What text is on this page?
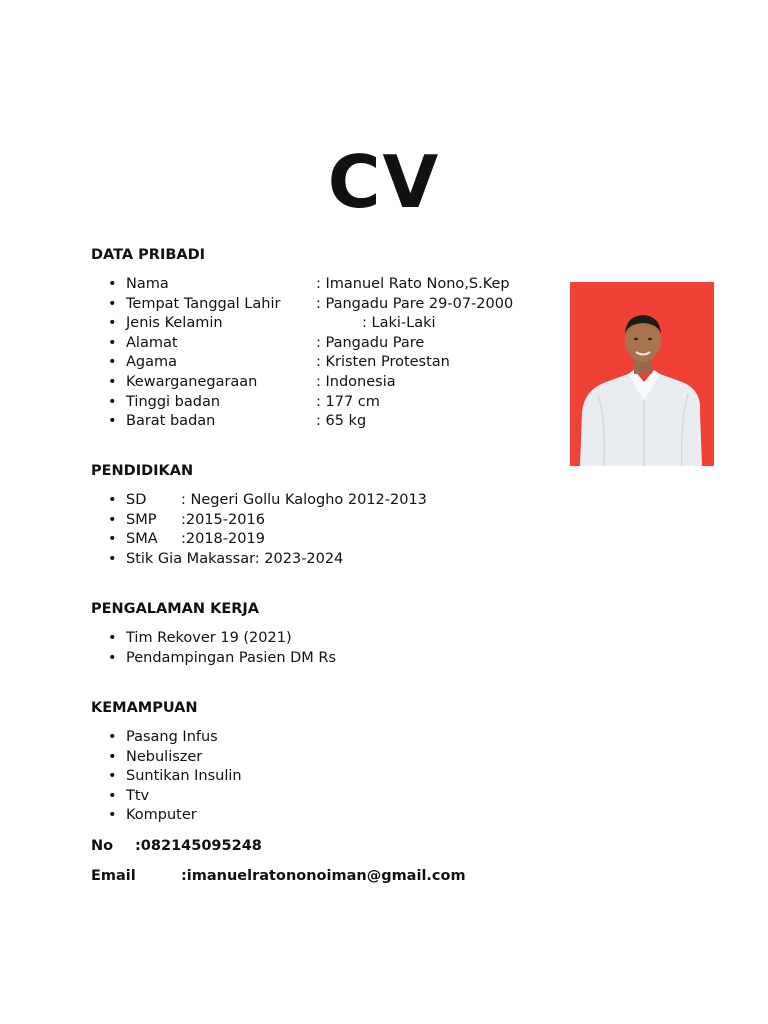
CV
DATA PRIBADI
• Nama	: Imanuel Rato Nono,S.Kep
• Tempat Tanggal Lahir : Pangadu Pare 29-07-2000
• Jenis Kelamin	: Laki-Laki
• Alamat	: Pangadu Pare
• Agama	: Kristen Protestan
• Kewarganegaraan	: Indonesia
• Tinggi badan	: 177 cm
• Barat badan	: 65 kg
PENDIDIKAN
• SD : Negeri Gollu Kalogho 2012-2013
• SMP :2015-2016
• SMA :2018-2019
• Stik Gia Makassar: 2023-2024
PENGALAMAN KERJA
• Tim Rekover 19 (2021)
• Pendampingan Pasien DM Rs
KEMAMPUAN
• Pasang Infus
• Nebuliszer
• Suntikan Insulin
• Ttv
• Komputer
No :082145095248
Email	:imanuelratononoiman@gmail.com
